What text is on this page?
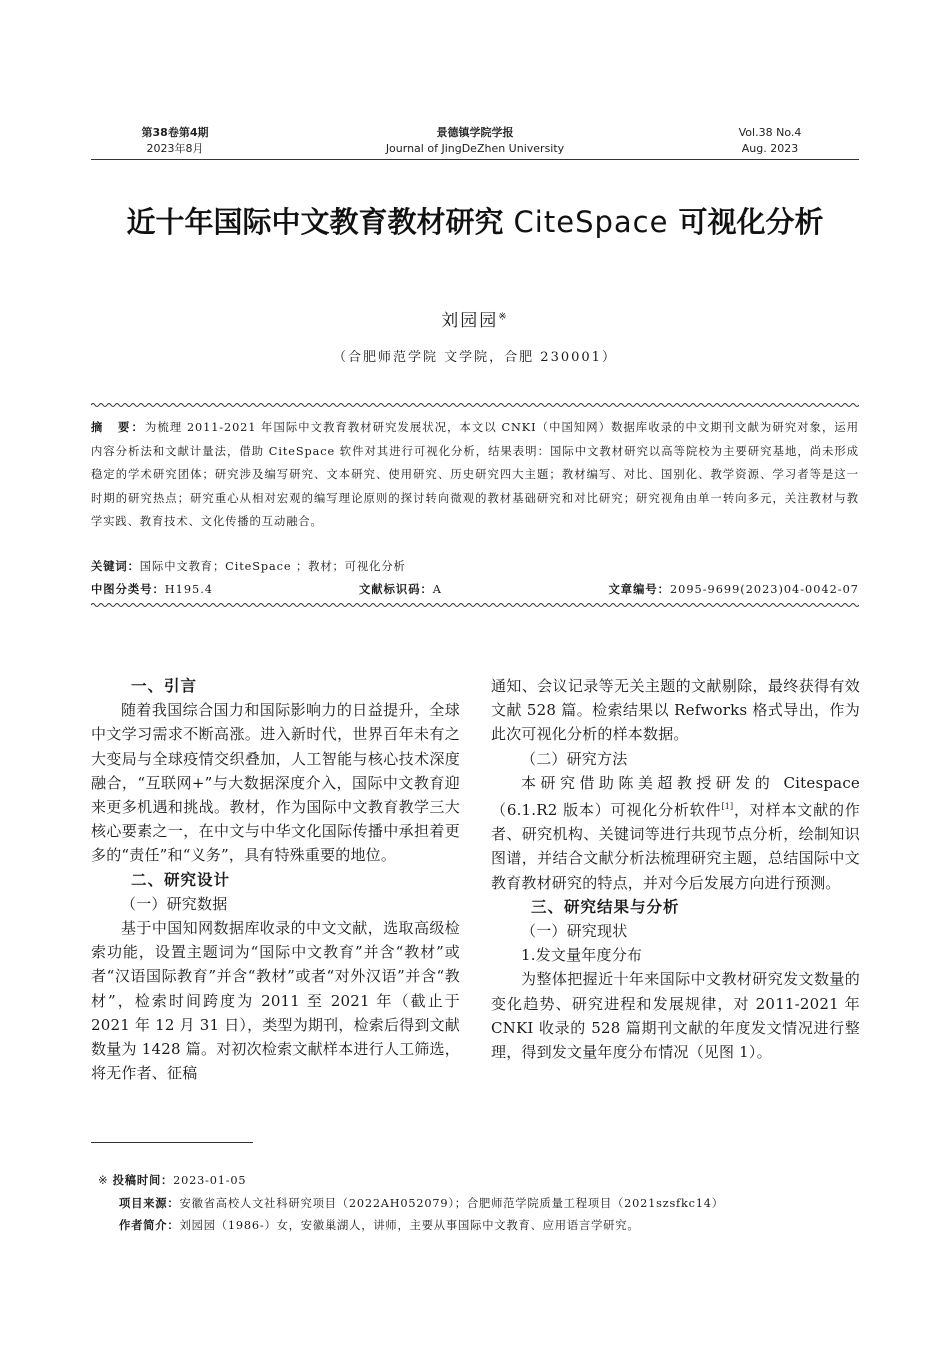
第38卷第4期
2023年8月
景德镇学院学报
Journal of JingDeZhen University
Vol.38 No.4
Aug. 2023
近十年国际中文教育教材研究 CiteSpace 可视化分析
刘园园※
（合肥师范学院 文学院，合肥 230001）
摘　要：为梳理 2011-2021 年国际中文教育教材研究发展状况，本文以 CNKI（中国知网）数据库收录的中文期刊文献为研究对象，运用内容分析法和文献计量法，借助 CiteSpace 软件对其进行可视化分析，结果表明：国际中文教材研究以高等院校为主要研究基地，尚未形成稳定的学术研究团体；研究涉及编写研究、文本研究、使用研究、历史研究四大主题；教材编写、对比、国别化、教学资源、学习者等是这一时期的研究热点；研究重心从相对宏观的编写理论原则的探讨转向微观的教材基础研究和对比研究；研究视角由单一转向多元，关注教材与教学实践、教育技术、文化传播的互动融合。
关键词：国际中文教育；CiteSpace ；教材；可视化分析
中图分类号：H195.4	文献标识码：A	文章编号：2095-9699(2023)04-0042-07

一、引言

随着我国综合国力和国际影响力的日益提升，全球中文学习需求不断高涨。进入新时代，世界百年未有之大变局与全球疫情交织叠加，人工智能与核心技术深度融合，“互联网+”与大数据深度介入，国际中文教育迎来更多机遇和挑战。教材，作为国际中文教育教学三大核心要素之一，在中文与中华文化国际传播中承担着更多的“责任”和“义务”，具有特殊重要的地位。

二、研究设计

（一）研究数据

基于中国知网数据库收录的中文文献，选取高级检索功能，设置主题词为“国际中文教育”并含“教材”或者“汉语国际教育”并含“教材”或者“对外汉语”并含“教材”，检索时间跨度为 2011 至 2021 年（截止于 2021 年 12 月 31 日），类型为期刊，检索后得到文献数量为 1428 篇。对初次检索文献样本进行人工筛选，将无作者、征稿

通知、会议记录等无关主题的文献剔除，最终获得有效文献 528 篇。检索结果以 Refworks 格式导出，作为此次可视化分析的样本数据。

（二）研究方法

本研究借助陈美超教授研发的 Citespace（6.1.R2 版本）可视化分析软件[1]，对样本文献的作者、研究机构、关键词等进行共现节点分析，绘制知识图谱，并结合文献分析法梳理研究主题，总结国际中文教育教材研究的特点，并对今后发展方向进行预测。

三、研究结果与分析

（一）研究现状

1.发文量年度分布

为整体把握近十年来国际中文教材研究发文数量的变化趋势、研究进程和发展规律，对 2011-2021 年 CNKI 收录的 528 篇期刊文献的年度发文情况进行整理，得到发文量年度分布情况（见图 1）。

※ 投稿时间：2023-01-05
项目来源：安徽省高校人文社科研究项目（2022AH052079）；合肥师范学院质量工程项目（2021szsfkc14）
作者简介：刘园园（1986-）女，安徽巢湖人，讲师，主要从事国际中文教育、应用语言学研究。
